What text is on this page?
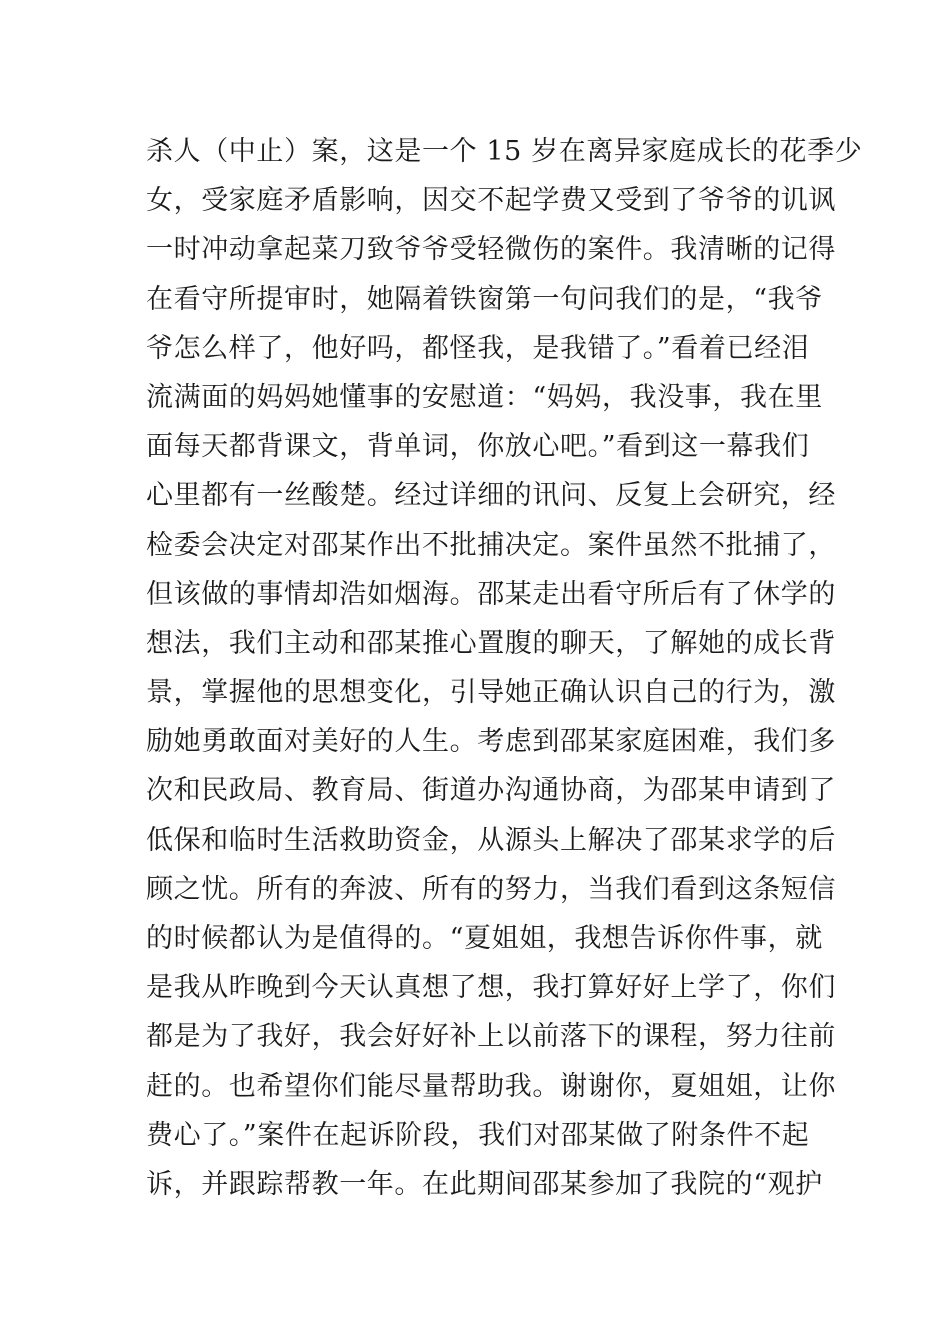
杀人（中止）案，这是一个 15 岁在离异家庭成长的花季少
女，受家庭矛盾影响，因交不起学费又受到了爷爷的讥讽
一时冲动拿起菜刀致爷爷受轻微伤的案件。我清晰的记得
在看守所提审时，她隔着铁窗第一句问我们的是，“我爷
爷怎么样了，他好吗，都怪我，是我错了。”看着已经泪
流满面的妈妈她懂事的安慰道：“妈妈，我没事，我在里
面每天都背课文，背单词，你放心吧。”看到这一幕我们
心里都有一丝酸楚。经过详细的讯问、反复上会研究，经
检委会决定对邵某作出不批捕决定。案件虽然不批捕了，
但该做的事情却浩如烟海。邵某走出看守所后有了休学的
想法，我们主动和邵某推心置腹的聊天，了解她的成长背
景，掌握他的思想变化，引导她正确认识自己的行为，激
励她勇敢面对美好的人生。考虑到邵某家庭困难，我们多
次和民政局、教育局、街道办沟通协商，为邵某申请到了
低保和临时生活救助资金，从源头上解决了邵某求学的后
顾之忧。所有的奔波、所有的努力，当我们看到这条短信
的时候都认为是值得的。“夏姐姐，我想告诉你件事，就
是我从昨晚到今天认真想了想，我打算好好上学了，你们
都是为了我好，我会好好补上以前落下的课程，努力往前
赶的。也希望你们能尽量帮助我。谢谢你，夏姐姐，让你
费心了。”案件在起诉阶段，我们对邵某做了附条件不起
诉，并跟踪帮教一年。在此期间邵某参加了我院的“观护
